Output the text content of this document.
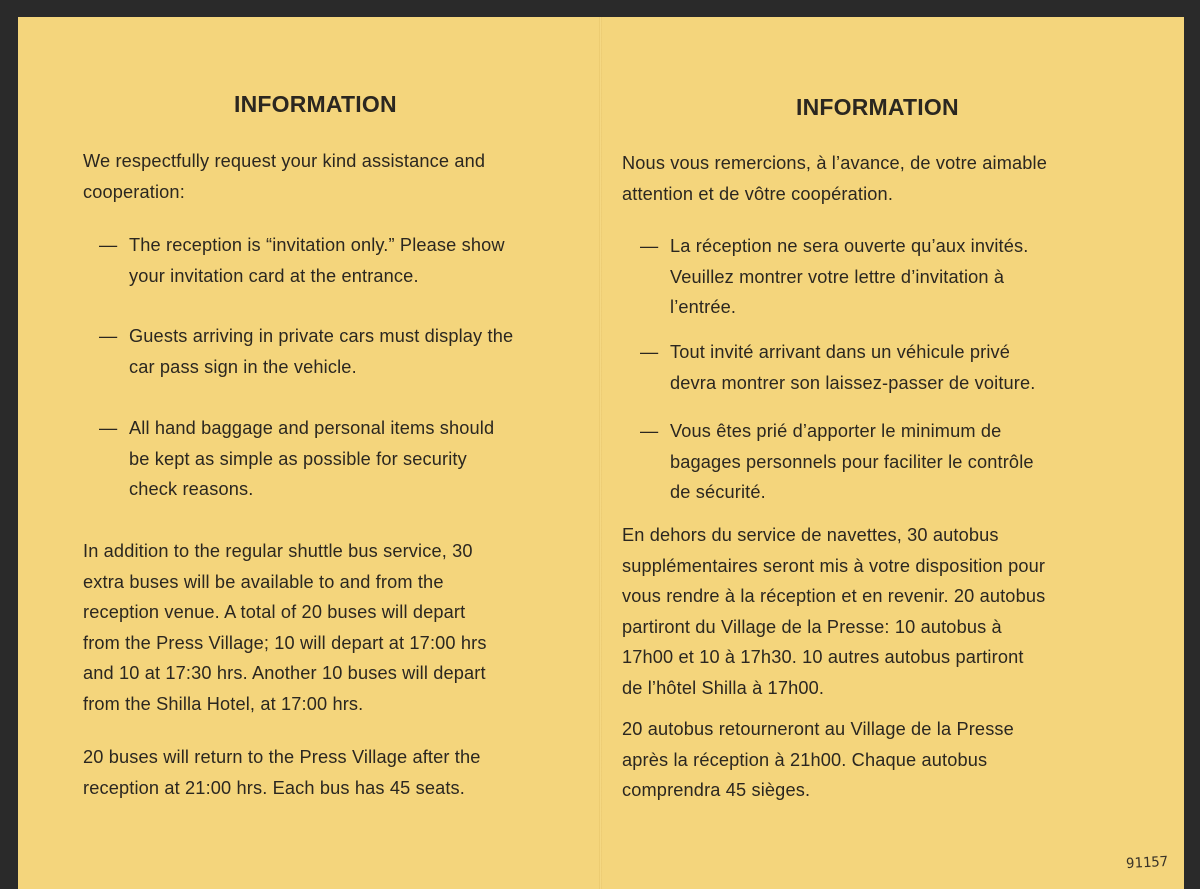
INFORMATION

We respectfully request your kind assistance and
cooperation:

— The reception is “invitation only.” Please show
your invitation card at the entrance.
— Guests arriving in private cars must display the
car pass sign in the vehicle.
— All hand baggage and personal items should
be kept as simple as possible for security
check reasons.

In addition to the regular shuttle bus service, 30
extra buses will be available to and from the
reception venue. A total of 20 buses will depart
from the Press Village; 10 will depart at 17:00 hrs
and 10 at 17:30 hrs. Another 10 buses will depart
from the Shilla Hotel, at 17:00 hrs.

20 buses will return to the Press Village after the
reception at 21:00 hrs. Each bus has 45 seats.

INFORMATION

Nous vous remercions, à l’avance, de votre aimable
attention et de vôtre coopération.

— La réception ne sera ouverte qu’aux invités.
Veuillez montrer votre lettre d’invitation à
l’entrée.
— Tout invité arrivant dans un véhicule privé
devra montrer son laissez-passer de voiture.
— Vous êtes prié d’apporter le minimum de
bagages personnels pour faciliter le contrôle
de sécurité.

En dehors du service de navettes, 30 autobus
supplémentaires seront mis à votre disposition pour
vous rendre à la réception et en revenir. 20 autobus
partiront du Village de la Presse: 10 autobus à
17h00 et 10 à 17h30. 10 autres autobus partiront
de l’hôtel Shilla à 17h00.

20 autobus retourneront au Village de la Presse
après la réception à 21h00. Chaque autobus
comprendra 45 sièges.

91157
